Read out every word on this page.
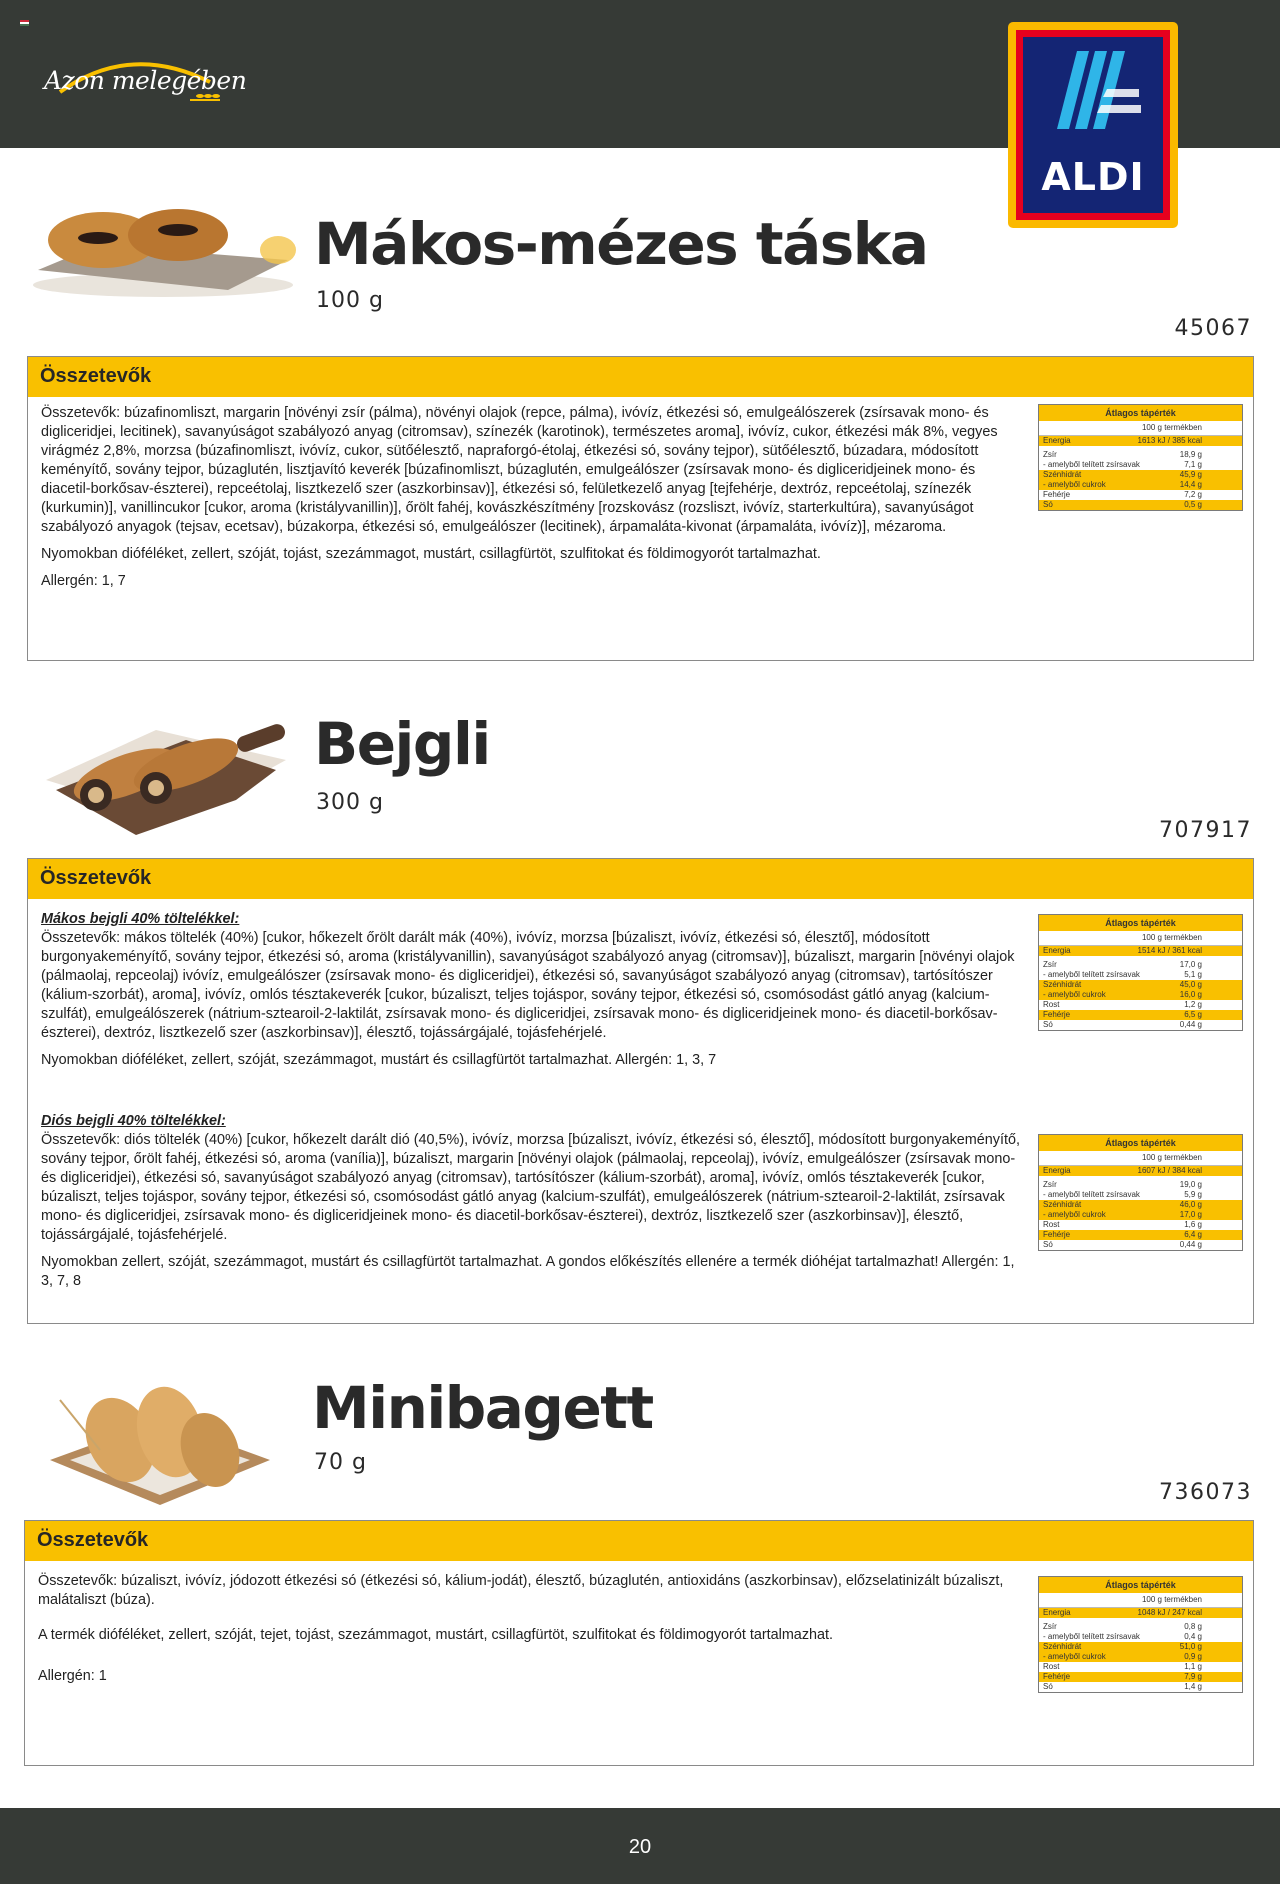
Azon melegében
ALDI
Mákos-mézes táska
100 g
45067
Összetevők

Összetevők: búzafinomliszt, margarin [növényi zsír (pálma), növényi olajok (repce, pálma), ivóvíz, étkezési só, emulgeálószerek (zsírsavak mono- és digliceridjei, lecitinek), savanyúságot szabályozó anyag (citromsav), színezék (karotinok), természetes aroma], ivóvíz, cukor, étkezési mák 8%, vegyes virágméz 2,8%, morzsa (búzafinomliszt, ivóvíz, cukor, sütőélesztő, napraforgó-étolaj, étkezési só, sovány tejpor), sütőélesztő, búzadara, módosított keményítő, sovány tejpor, búzaglutén, lisztjavító keverék [búzafinomliszt, búzaglutén, emulgeálószer (zsírsavak mono- és digliceridjeinek mono- és diacetil-borkősav-észterei), repceétolaj, lisztkezelő szer (aszkorbinsav)], étkezési só, felületkezelő anyag [tejfehérje, dextróz, repceétolaj, színezék (kurkumin)], vanillincukor [cukor, aroma (kristályvanillin)], őrölt fahéj, kovászkészítmény [rozskovász (rozsliszt, ivóvíz, starterkultúra), savanyúságot szabályozó anyagok (tejsav, ecetsav), búzakorpa, étkezési só, emulgeálószer (lecitinek), árpamaláta-kivonat (árpamaláta, ivóvíz)], mézaroma.

Nyomokban dióféléket, zellert, szóját, tojást, szezámmagot, mustárt, csillagfürtöt, szulfitokat és földimogyorót tartalmazhat.

Allergén: 1, 7

Átlagos tápérték
100 g termékben
Energia	1613 kJ / 385 kcal
Zsír	18,9 g
- amelyből telített zsírsavak	7,1 g
Szénhidrát	45,9 g
- amelyből cukrok	14,4 g
Fehérje	7,2 g
Só	0,5 g
Bejgli
300 g
707917
Összetevők
Mákos bejgli 40% töltelékkel:

Összetevők: mákos töltelék (40%) [cukor, hőkezelt őrölt darált mák (40%), ivóvíz, morzsa [búzaliszt, ivóvíz, étkezési só, élesztő], módosított burgonyakeményítő, sovány tejpor, étkezési só, aroma (kristályvanillin), savanyúságot szabályozó anyag (citromsav)], búzaliszt, margarin [növényi olajok (pálmaolaj, repceolaj) ivóvíz, emulgeálószer (zsírsavak mono- és digliceridjei), étkezési só, savanyúságot szabályozó anyag (citromsav), tartósítószer (kálium-szorbát), aroma], ivóvíz, omlós tésztakeverék [cukor, búzaliszt, teljes tojáspor, sovány tejpor, étkezési só, csomósodást gátló anyag (kalcium-szulfát), emulgeálószerek (nátrium-sztearoil-2-laktilát, zsírsavak mono- és digliceridjei, zsírsavak mono- és digliceridjeinek mono- és diacetil-borkősav-észterei), dextróz, lisztkezelő szer (aszkorbinsav)], élesztő, tojássárgájalé, tojásfehérjelé.

Nyomokban dióféléket, zellert, szóját, szezámmagot, mustárt és csillagfürtöt tartalmazhat. Allergén: 1, 3, 7

Diós bejgli 40% töltelékkel:

Összetevők: diós töltelék (40%) [cukor, hőkezelt darált dió (40,5%), ivóvíz, morzsa [búzaliszt, ivóvíz, étkezési só, élesztő], módosított burgonyakeményítő, sovány tejpor, őrölt fahéj, étkezési só, aroma (vanília)], búzaliszt, margarin [növényi olajok (pálmaolaj, repceolaj), ivóvíz, emulgeálószer (zsírsavak mono- és digliceridjei), étkezési só, savanyúságot szabályozó anyag (citromsav), tartósítószer (kálium-szorbát), aroma], ivóvíz, omlós tésztakeverék [cukor, búzaliszt, teljes tojáspor, sovány tejpor, étkezési só, csomósodást gátló anyag (kalcium-szulfát), emulgeálószerek (nátrium-sztearoil-2-laktilát, zsírsavak mono- és digliceridjei, zsírsavak mono- és digliceridjeinek mono- és diacetil-borkősav-észterei), dextróz, lisztkezelő szer (aszkorbinsav)], élesztő, tojássárgájalé, tojásfehérjelé.

Nyomokban zellert, szóját, szezámmagot, mustárt és csillagfürtöt tartalmazhat. A gondos előkészítés ellenére a termék dióhéjat tartalmazhat! Allergén: 1, 3, 7, 8

Átlagos tápérték
100 g termékben
Energia	1514 kJ / 361 kcal
Zsír	17,0 g
- amelyből telített zsírsavak	5,1 g
Szénhidrát	45,0 g
- amelyből cukrok	16,0 g
Rost	1,2 g
Fehérje	6,5 g
Só	0,44 g
Átlagos tápérték
100 g termékben
Energia	1607 kJ / 384 kcal
Zsír	19,0 g
- amelyből telített zsírsavak	5,9 g
Szénhidrát	46,0 g
- amelyből cukrok	17,0 g
Rost	1,6 g
Fehérje	6,4 g
Só	0,44 g
Minibagett
70 g
736073
Összetevők

Összetevők: búzaliszt, ivóvíz, jódozott étkezési só (étkezési só, kálium-jodát), élesztő, búzaglutén, antioxidáns (aszkorbinsav), előzselatinizált búzaliszt, malátaliszt (búza).

A termék dióféléket, zellert, szóját, tejet, tojást, szezámmagot, mustárt, csillagfürtöt, szulfitokat és földimogyorót tartalmazhat.

Allergén: 1

Átlagos tápérték
100 g termékben
Energia	1048 kJ / 247 kcal
Zsír	0,8 g
- amelyből telített zsírsavak	0,4 g
Szénhidrát	51,0 g
- amelyből cukrok	0,9 g
Rost	1,1 g
Fehérje	7,9 g
Só	1,4 g
20
